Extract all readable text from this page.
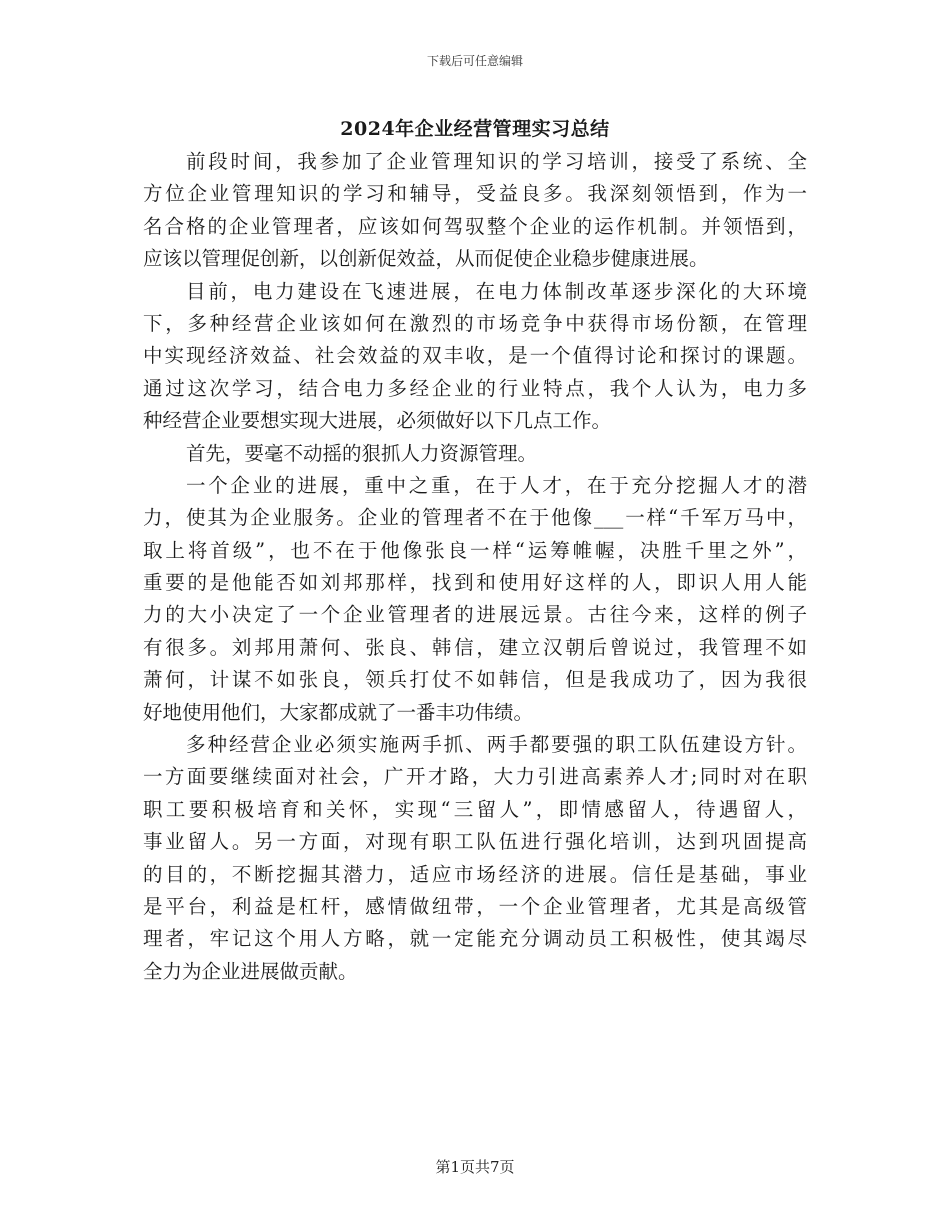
下载后可任意编辑
2024年企业经营管理实习总结
前段时间，我参加了企业管理知识的学习培训，接受了系统、全
方位企业管理知识的学习和辅导，受益良多。我深刻领悟到，作为一
名合格的企业管理者，应该如何驾驭整个企业的运作机制。并领悟到，
应该以管理促创新，以创新促效益，从而促使企业稳步健康进展。
目前，电力建设在飞速进展，在电力体制改革逐步深化的大环境
下，多种经营企业该如何在激烈的市场竞争中获得市场份额，在管理
中实现经济效益、社会效益的双丰收，是一个值得讨论和探讨的课题。
通过这次学习，结合电力多经企业的行业特点，我个人认为，电力多
种经营企业要想实现大进展，必须做好以下几点工作。
首先，要毫不动摇的狠抓人力资源管理。
一个企业的进展，重中之重，在于人才，在于充分挖掘人才的潜
力，使其为企业服务。企业的管理者不在于他像___一样“千军万马中，
取上将首级”，也不在于他像张良一样“运筹帷幄，决胜千里之外”，
重要的是他能否如刘邦那样，找到和使用好这样的人，即识人用人能
力的大小决定了一个企业管理者的进展远景。古往今来，这样的例子
有很多。刘邦用萧何、张良、韩信，建立汉朝后曾说过，我管理不如
萧何，计谋不如张良，领兵打仗不如韩信，但是我成功了，因为我很
好地使用他们，大家都成就了一番丰功伟绩。
多种经营企业必须实施两手抓、两手都要强的职工队伍建设方针。
一方面要继续面对社会，广开才路，大力引进高素养人才;同时对在职
职工要积极培育和关怀，实现“三留人”，即情感留人，待遇留人，
事业留人。另一方面，对现有职工队伍进行强化培训，达到巩固提高
的目的，不断挖掘其潜力，适应市场经济的进展。信任是基础，事业
是平台，利益是杠杆，感情做纽带，一个企业管理者，尤其是高级管
理者，牢记这个用人方略，就一定能充分调动员工积极性，使其竭尽
全力为企业进展做贡献。
第1页共7页
